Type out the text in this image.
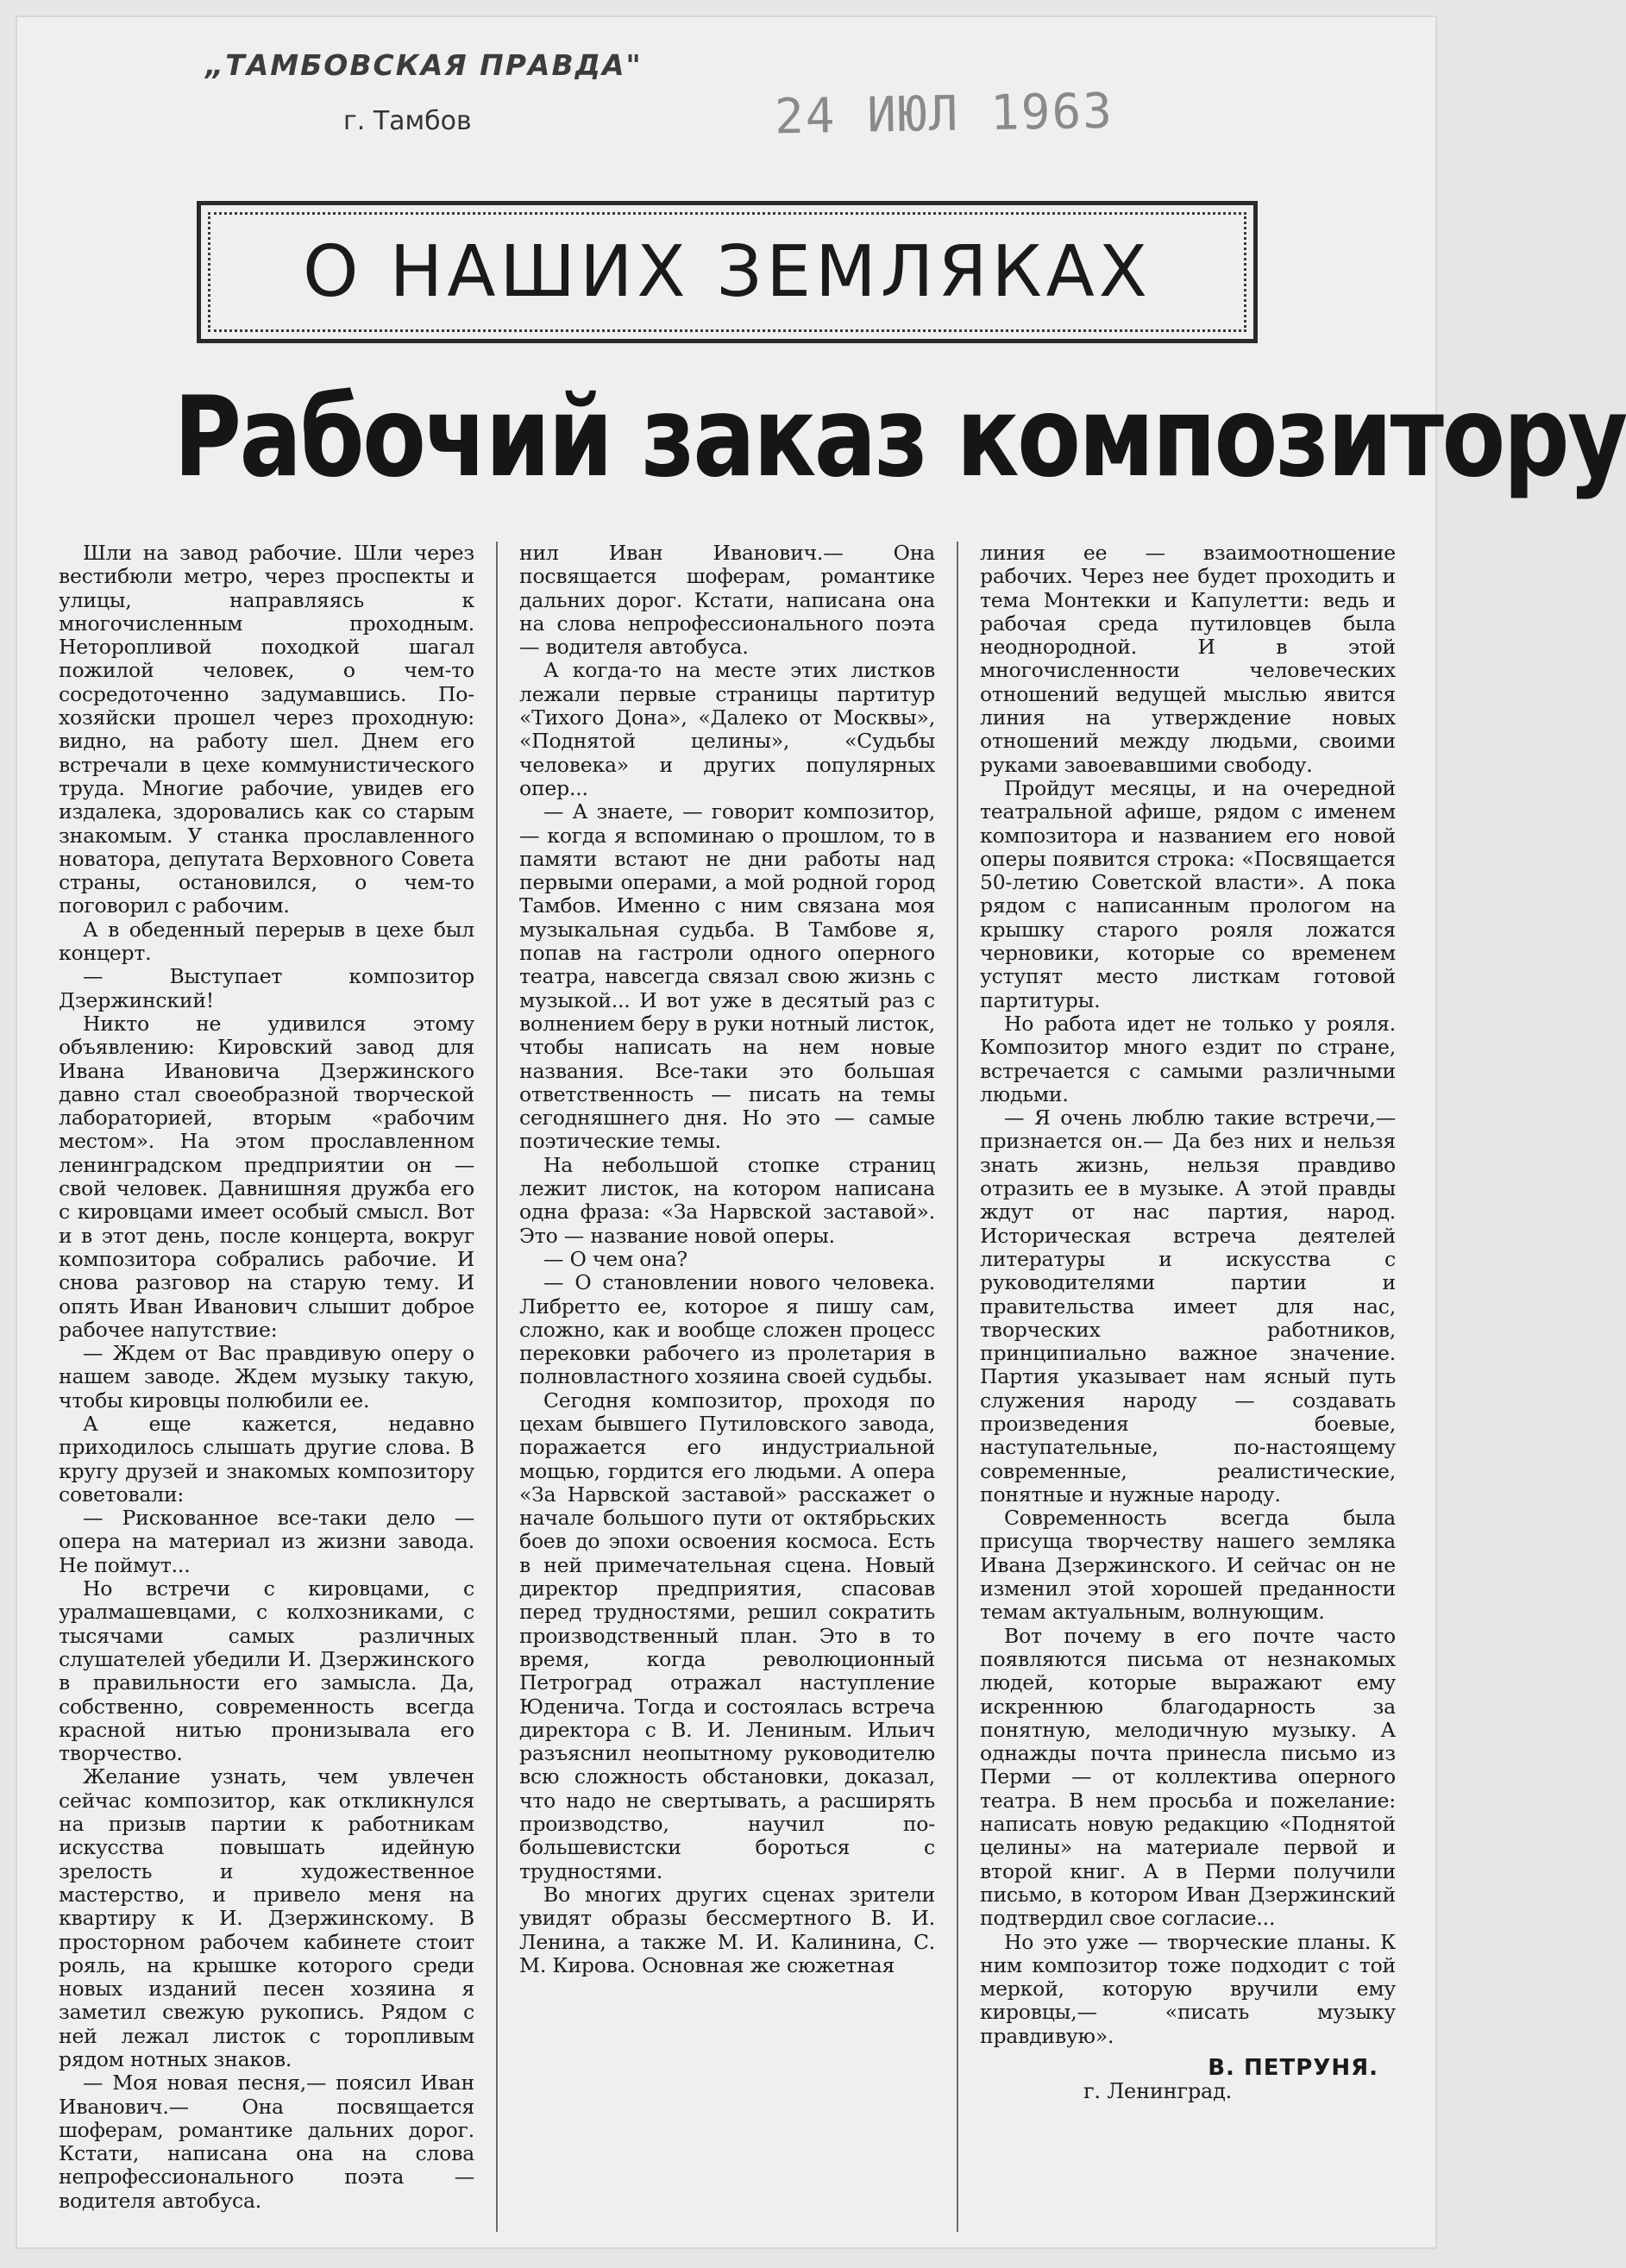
„ТАМБОВСКАЯ ПРАВДА"
г. Тамбов	24 ИЮЛ 1963
О НАШИХ ЗЕМЛЯКАХ
Рабочий заказ композитору

Шли на завод рабочие. Шли через вестибюли метро, через проспекты и улицы, направляясь к многочисленным проходным. Неторопливой походкой шагал пожилой человек, о чем-то сосредоточенно задумавшись. По-хозяйски прошел через проходную: видно, на работу шел. Днем его встречали в цехе коммунистического труда. Многие рабочие, увидев его издалека, здоровались как со старым знакомым. У станка прославленного новатора, депутата Верховного Совета страны, остановился, о чем-то поговорил с рабочим.

А в обеденный перерыв в цехе был концерт.

— Выступает композитор Дзержинский!

Никто не удивился этому объявлению: Кировский завод для Ивана Ивановича Дзержинского давно стал своеобразной творческой лабораторией, вторым «рабочим местом». На этом прославленном ленинградском предприятии он — свой человек. Давнишняя дружба его с кировцами имеет особый смысл. Вот и в этот день, после концерта, вокруг композитора собрались рабочие. И снова разговор на старую тему. И опять Иван Иванович слышит доброе рабочее напутствие:

— Ждем от Вас правдивую оперу о нашем заводе. Ждем музыку такую, чтобы кировцы полюбили ее.

А еще кажется, недавно приходилось слышать другие слова. В кругу друзей и знакомых композитору советовали:

— Рискованное все-таки дело — опера на материал из жизни завода. Не поймут...

Но встречи с кировцами, с уралмашевцами, с колхозниками, с тысячами самых различных слушателей убедили И. Дзержинского в правильности его замысла. Да, собственно, современность всегда красной нитью пронизывала его творчество.

Желание узнать, чем увлечен сейчас композитор, как откликнулся на призыв партии к работникам искусства повышать идейную зрелость и художественное мастерство, и привело меня на квартиру к И. Дзержинскому. В просторном рабочем кабинете стоит рояль, на крышке которого среди новых изданий песен хозяина я заметил свежую рукопись. Рядом с ней лежал листок с торопливым рядом нотных знаков.

— Моя новая песня,— поясил Иван Иванович.— Она посвящается шоферам, романтике дальних дорог. Кстати, написана она на слова непрофессионального поэта — водителя автобуса.

нил Иван Иванович.— Она посвящается шоферам, романтике дальних дорог. Кстати, написана она на слова непрофессионального поэта — водителя автобуса.

А когда-то на месте этих листков лежали первые страницы партитур «Тихого Дона», «Далеко от Москвы», «Поднятой целины», «Судьбы человека» и других популярных опер...

— А знаете, — говорит композитор,— когда я вспоминаю о прошлом, то в памяти встают не дни работы над первыми операми, а мой родной город Тамбов. Именно с ним связана моя музыкальная судьба. В Тамбове я, попав на гастроли одного оперного театра, навсегда связал свою жизнь с музыкой... И вот уже в десятый раз с волнением беру в руки нотный листок, чтобы написать на нем новые названия. Все-таки это большая ответственность — писать на темы сегодняшнего дня. Но это — самые поэтические темы.

На небольшой стопке страниц лежит листок, на котором написана одна фраза: «За Нарвской заставой». Это — название новой оперы.

— О чем она?

— О становлении нового человека. Либретто ее, которое я пишу сам, сложно, как и вообще сложен процесс перековки рабочего из пролетария в полновластного хозяина своей судьбы.

Сегодня композитор, проходя по цехам бывшего Путиловского завода, поражается его индустриальной мощью, гордится его людьми. А опера «За Нарвской заставой» расскажет о начале большого пути от октябрьских боев до эпохи освоения космоса. Есть в ней примечательная сцена. Новый директор предприятия, спасовав перед трудностями, решил сократить производственный план. Это в то время, когда революционный Петроград отражал наступление Юденича. Тогда и состоялась встреча директора с В. И. Лениным. Ильич разъяснил неопытному руководителю всю сложность обстановки, доказал, что надо не свертывать, а расширять производство, научил по-большевистски бороться с трудностями.

Во многих других сценах зрители увидят образы бессмертного В. И. Ленина, а также М. И. Калинина, С. М. Кирова. Основная же сюжетная

линия ее — взаимоотношение рабочих. Через нее будет проходить и тема Монтекки и Капулетти: ведь и рабочая среда путиловцев была неоднородной. И в этой многочисленности человеческих отношений ведущей мыслью явится линия на утверждение новых отношений между людьми, своими руками завоевавшими свободу.

Пройдут месяцы, и на очередной театральной афише, рядом с именем композитора и названием его новой оперы появится строка: «Посвящается 50-летию Советской власти». А пока рядом с написанным прологом на крышку старого рояля ложатся черновики, которые со временем уступят место листкам готовой партитуры.

Но работа идет не только у рояля. Композитор много ездит по стране, встречается с самыми различными людьми.

— Я очень люблю такие встречи,— признается он.— Да без них и нельзя знать жизнь, нельзя правдиво отразить ее в музыке. А этой правды ждут от нас партия, народ. Историческая встреча деятелей литературы и искусства с руководителями партии и правительства имеет для нас, творческих работников, принципиально важное значение. Партия указывает нам ясный путь служения народу — создавать произведения боевые, наступательные, по-настоящему современные, реалистические, понятные и нужные народу.

Современность всегда была присуща творчеству нашего земляка Ивана Дзержинского. И сейчас он не изменил этой хорошей преданности темам актуальным, волнующим.

Вот почему в его почте часто появляются письма от незнакомых людей, которые выражают ему искреннюю благодарность за понятную, мелодичную музыку. А однажды почта принесла письмо из Перми — от коллектива оперного театра. В нем просьба и пожелание: написать новую редакцию «Поднятой целины» на материале первой и второй книг. А в Перми получили письмо, в котором Иван Дзержинский подтвердил свое согласие...

Но это уже — творческие планы. К ним композитор тоже подходит с той меркой, которую вручили ему кировцы,— «писать музыку правдивую».

В. ПЕТРУНЯ.

г. Ленинград.
